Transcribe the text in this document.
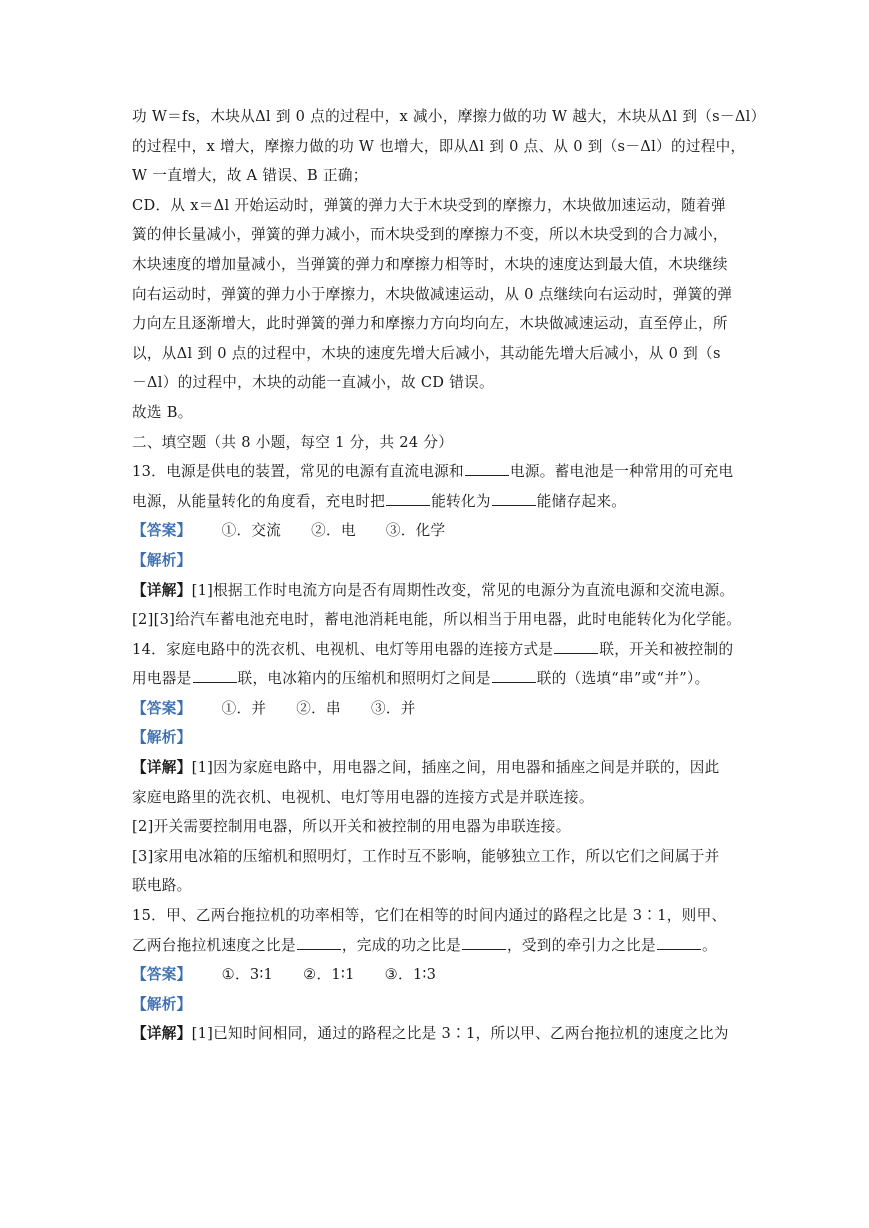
功 W＝fs，木块从Δl 到 0 点的过程中，x 减小，摩擦力做的功 W 越大，木块从Δl 到（s－Δl）
的过程中，x 增大，摩擦力做的功 W 也增大，即从Δl 到 0 点、从 0 到（s－Δl）的过程中，
W 一直增大，故 A 错误、B 正确；
CD．从 x＝Δl 开始运动时，弹簧的弹力大于木块受到的摩擦力，木块做加速运动，随着弹
簧的伸长量减小，弹簧的弹力减小，而木块受到的摩擦力不变，所以木块受到的合力减小，
木块速度的增加量减小，当弹簧的弹力和摩擦力相等时，木块的速度达到最大值，木块继续
向右运动时，弹簧的弹力小于摩擦力，木块做减速运动，从 0 点继续向右运动时，弹簧的弹
力向左且逐渐增大，此时弹簧的弹力和摩擦力方向均向左，木块做减速运动，直至停止，所
以，从Δl 到 0 点的过程中，木块的速度先增大后减小，其动能先增大后减小，从 0 到（s
－Δl）的过程中，木块的动能一直减小，故 CD 错误。
故选 B。
二、填空题（共 8 小题，每空 1 分，共 24 分）
13．电源是供电的装置，常见的电源有直流电源和	电源。蓄电池是一种常用的可充电
电源，从能量转化的角度看，充电时把	能转化为	能储存起来。
【答案】 ①．交流 ②．电 ③．化学
【解析】
【详解】[1]根据工作时电流方向是否有周期性改变，常见的电源分为直流电源和交流电源。
[2][3]给汽车蓄电池充电时，蓄电池消耗电能，所以相当于用电器，此时电能转化为化学能。
14．家庭电路中的洗衣机、电视机、电灯等用电器的连接方式是	联，开关和被控制的
用电器是	联，电冰箱内的压缩机和照明灯之间是	联的（选填“串”或“并”）。
【答案】 ①．并 ②．串 ③．并
【解析】
【详解】[1]因为家庭电路中，用电器之间，插座之间，用电器和插座之间是并联的，因此
家庭电路里的洗衣机、电视机、电灯等用电器的连接方式是并联连接。
[2]开关需要控制用电器，所以开关和被控制的用电器为串联连接。
[3]家用电冰箱的压缩机和照明灯，工作时互不影响，能够独立工作，所以它们之间属于并
联电路。
15．甲、乙两台拖拉机的功率相等，它们在相等的时间内通过的路程之比是 3∶1，则甲、
乙两台拖拉机速度之比是	，完成的功之比是	，受到的牵引力之比是	。
【答案】 ①．3∶1 ②．1∶1 ③．1∶3
【解析】
【详解】[1]已知时间相同，通过的路程之比是 3∶1，所以甲、乙两台拖拉机的速度之比为
